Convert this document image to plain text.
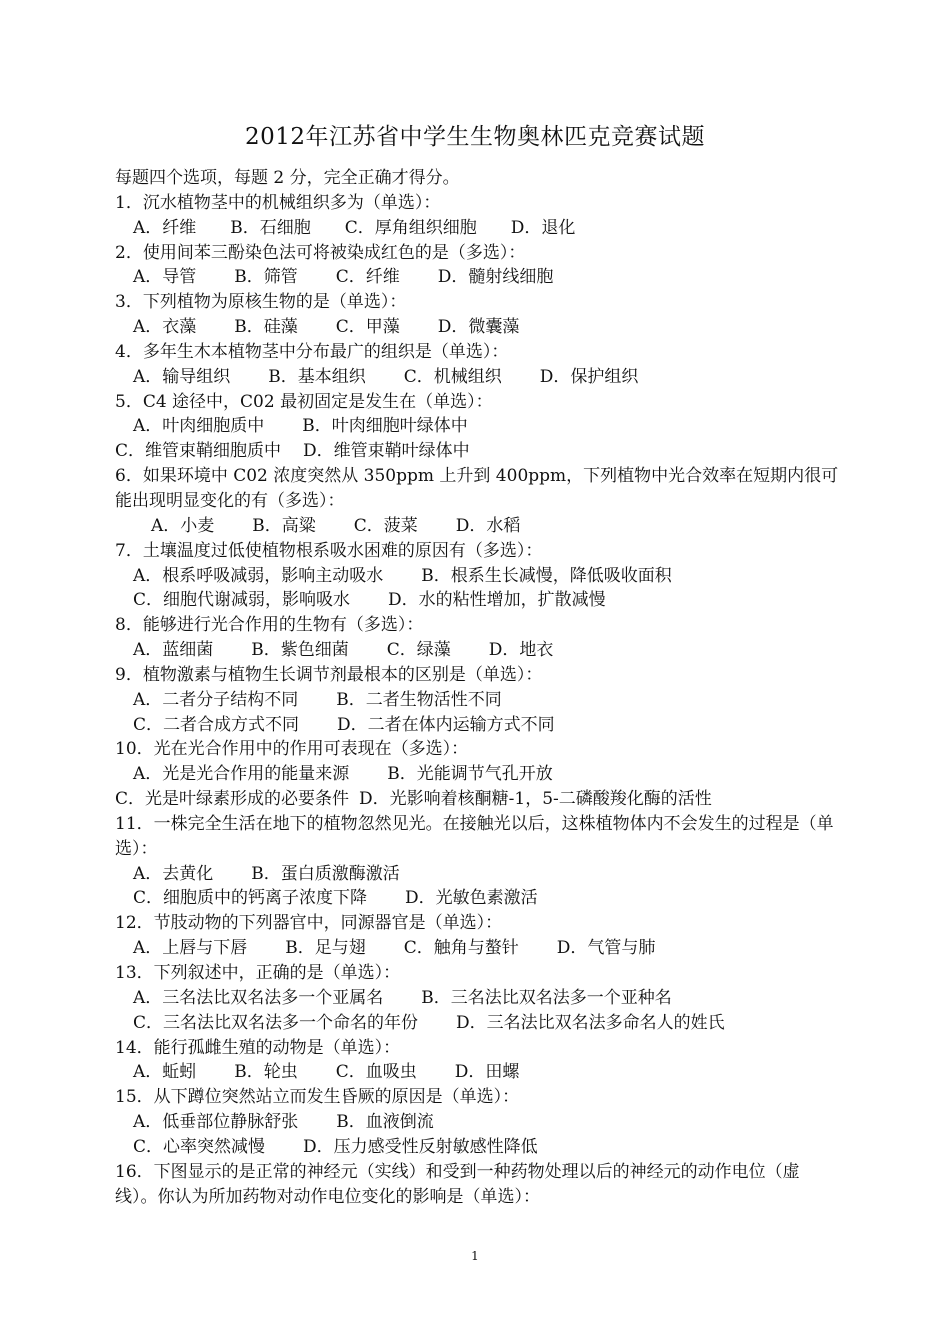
2012年江苏省中学生生物奥林匹克竞赛试题
每题四个选项，每题 2 分，完全正确才得分。
1．沉水植物茎中的机械组织多为（单选）：
A．纤维 B．石细胞 C．厚角组织细胞 D．退化
2．使用间苯三酚染色法可将被染成红色的是（多选）：
A．导管 B．筛管 C．纤维 D．髓射线细胞
3．下列植物为原核生物的是（单选）：
A．衣藻 B．硅藻 C．甲藻 D．微囊藻
4．多年生木本植物茎中分布最广的组织是（单选）：
A．输导组织 B．基本组织 C．机械组织 D．保护组织
5．C4 途径中，C02 最初固定是发生在（单选）：
A．叶肉细胞质中 B．叶肉细胞叶绿体中
C．维管束鞘细胞质中 D．维管束鞘叶绿体中
6．如果环境中 C02 浓度突然从 350ppm 上升到 400ppm，下列植物中光合效率在短期内很可能出现明显变化的有（多选）：
A．小麦 B．高粱 C．菠菜 D．水稻
7．土壤温度过低使植物根系吸水困难的原因有（多选）：
A．根系呼吸减弱，影响主动吸水 B．根系生长减慢，降低吸收面积
C．细胞代谢减弱，影响吸水 D．水的粘性增加，扩散减慢
8．能够进行光合作用的生物有（多选）：
A．蓝细菌 B．紫色细菌 C．绿藻 D．地衣
9．植物激素与植物生长调节剂最根本的区别是（单选）：
A．二者分子结构不同 B．二者生物活性不同
C．二者合成方式不同 D．二者在体内运输方式不同
10．光在光合作用中的作用可表现在（多选）：
A．光是光合作用的能量来源 B．光能调节气孔开放
C．光是叶绿素形成的必要条件 D．光影响着核酮糖-1，5-二磷酸羧化酶的活性
11．一株完全生活在地下的植物忽然见光。在接触光以后，这株植物体内不会发生的过程是（单选）：
A．去黄化 B．蛋白质激酶激活
C．细胞质中的钙离子浓度下降 D．光敏色素激活
12．节肢动物的下列器官中，同源器官是（单选）：
A．上唇与下唇 B．足与翅 C．触角与螯针 D．气管与肺
13．下列叙述中，正确的是（单选）：
A．三名法比双名法多一个亚属名 B．三名法比双名法多一个亚种名
C．三名法比双名法多一个命名的年份 D．三名法比双名法多命名人的姓氏
14．能行孤雌生殖的动物是（单选）：
A．蚯蚓 B．轮虫 C．血吸虫 D．田螺
15．从下蹲位突然站立而发生昏厥的原因是（单选）：
A．低垂部位静脉舒张 B．血液倒流
C．心率突然减慢 D．压力感受性反射敏感性降低
16．下图显示的是正常的神经元（实线）和受到一种药物处理以后的神经元的动作电位（虚线）。你认为所加药物对动作电位变化的影响是（单选）：
1
